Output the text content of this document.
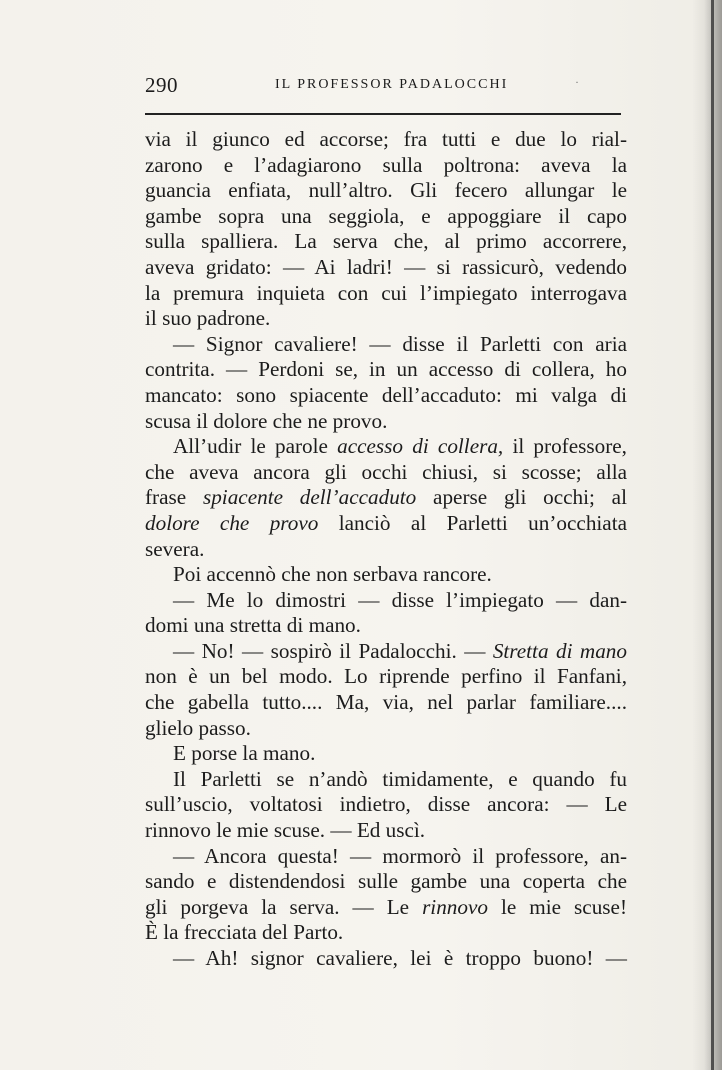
290	IL PROFESSOR PADALOCCHI	·
via il giunco ed accorse; fra tutti e due lo rial-
zarono e l’adagiarono sulla poltrona: aveva la
guancia enfiata, null’altro. Gli fecero allungar le
gambe sopra una seggiola, e appoggiare il capo
sulla spalliera. La serva che, al primo accorrere,
aveva gridato: — Ai ladri! — si rassicurò, vedendo
la premura inquieta con cui l’impiegato interrogava
il suo padrone.
— Signor cavaliere! — disse il Parletti con aria
contrita. — Perdoni se, in un accesso di collera, ho
mancato: sono spiacente dell’accaduto: mi valga di
scusa il dolore che ne provo.
All’udir le parole accesso di collera, il professore,
che aveva ancora gli occhi chiusi, si scosse; alla
frase spiacente dell’accaduto aperse gli occhi; al
dolore che provo lanciò al Parletti un’occhiata
severa.
Poi accennò che non serbava rancore.
— Me lo dimostri — disse l’impiegato — dan-
domi una stretta di mano.
— No! — sospirò il Padalocchi. — Stretta di mano
non è un bel modo. Lo riprende perfino il Fanfani,
che gabella tutto.... Ma, via, nel parlar familiare....
glielo passo.
E porse la mano.
Il Parletti se n’andò timidamente, e quando fu
sull’uscio, voltatosi indietro, disse ancora: — Le
rinnovo le mie scuse. — Ed uscì.
— Ancora questa! — mormorò il professore, an-
sando e distendendosi sulle gambe una coperta che
gli porgeva la serva. — Le rinnovo le mie scuse!
È la frecciata del Parto.
— Ah! signor cavaliere, lei è troppo buono! —
